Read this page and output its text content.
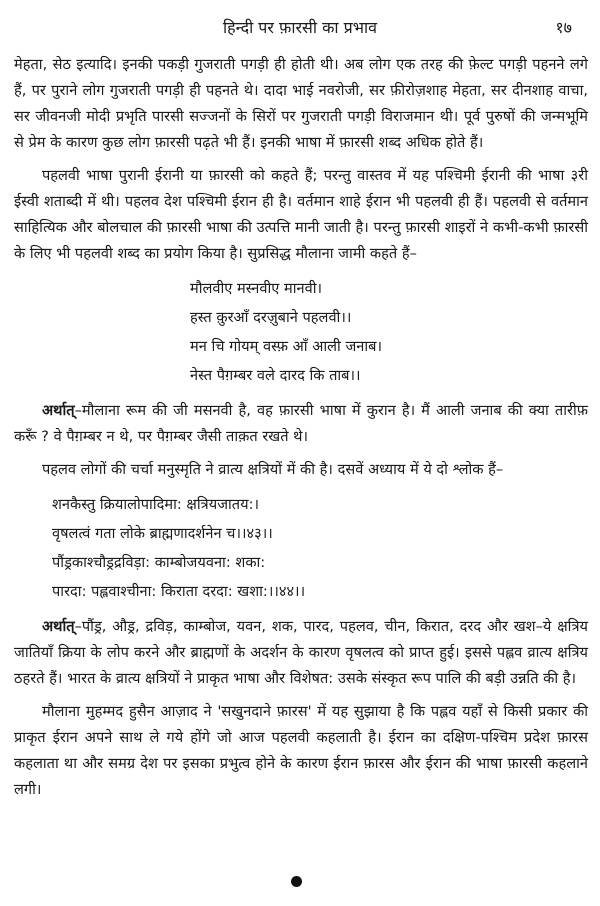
हिन्दी पर फ़ारसी का प्रभाव	१७

मेहता, सेठ इत्यादि। इनकी पकड़ी गुजराती पगड़ी ही होती थी। अब लोग एक तरह की फ़ेल्ट पगड़ी पहनने लगे हैं, पर पुराने लोग गुजराती पगड़ी ही पहनते थे। दादा भाई नवरोजी, सर फ़ीरोज़शाह मेहता, सर दीनशाह वाचा, सर जीवनजी मोदी प्रभृति पारसी सज्जनों के सिरों पर गुजराती पगड़ी विराजमान थी। पूर्व पुरुषों की जन्मभूमि से प्रेम के कारण कुछ लोग फ़ारसी पढ़ते भी हैं। इनकी भाषा में फ़ारसी शब्द अधिक होते हैं।

पहलवी भाषा पुरानी ईरानी या फ़ारसी को कहते हैं; परन्तु वास्तव में यह पश्चिमी ईरानी की भाषा ३री ईस्वी शताब्दी में थी। पहलव देश पश्चिमी ईरान ही है। वर्तमान शाहे ईरान भी पहलवी ही हैं। पहलवी से वर्तमान साहित्यिक और बोलचाल की फ़ारसी भाषा की उत्पत्ति मानी जाती है। परन्तु फ़ारसी शाइरों ने कभी-कभी फ़ारसी के लिए भी पहलवी शब्द का प्रयोग किया है। सुप्रसिद्ध मौलाना जामी कहते हैं–

मौलवीए मस्नवीए मानवी।
हस्त क़ुरआँ दरज़ुबाने पहलवी।।
मन चि गोयम् वस्फ़ आँ आली जनाब।
नेस्त पैग़म्बर वले दारद कि ताब।।

अर्थात्–मौलाना रूम की जी मसनवी है, वह फ़ारसी भाषा में कुरान है। मैं आली जनाब की क्या तारीफ़ करूँ ? वे पैग़म्बर न थे, पर पैग़म्बर जैसी ताक़त रखते थे।

पहलव लोगों की चर्चा मनुस्मृति ने व्रात्य क्षत्रियों में की है। दसवें अध्याय में ये दो श्लोक हैं–

शनकैस्तु क्रियालोपादिमा: क्षत्रियजातय:।
वृषलत्वं गता लोके ब्राह्मणादर्शनेन च।।४३।।
पौंड्रकाश्चौड्रद्रविड़ा: काम्बोजयवना: शका:
पारदा: पह्लवाश्चीना: किराता दरदा: खशा:।।४४।।

अर्थात्–पौंड्र, औड्र, द्रविड़, काम्बोज, यवन, शक, पारद, पहलव, चीन, किरात, दरद और खश–ये क्षत्रिय जातियाँ क्रिया के लोप करने और ब्राह्मणों के अदर्शन के कारण वृषलत्व को प्राप्त हुई। इससे पह्लव व्रात्य क्षत्रिय ठहरते हैं। भारत के व्रात्य क्षत्रियों ने प्राकृत भाषा और विशेषत: उसके संस्कृत रूप पालि की बड़ी उन्नति की है।

मौलाना मुहम्मद हुसैन आज़ाद ने 'सखुनदाने फ़ारस' में यह सुझाया है कि पह्लव यहाँ से किसी प्रकार की प्राकृत ईरान अपने साथ ले गये होंगे जो आज पहलवी कहलाती है। ईरान का दक्षिण-पश्चिम प्रदेश फ़ारस कहलाता था और समग्र देश पर इसका प्रभुत्व होने के कारण ईरान फ़ारस और ईरान की भाषा फ़ारसी कहलाने लगी।
